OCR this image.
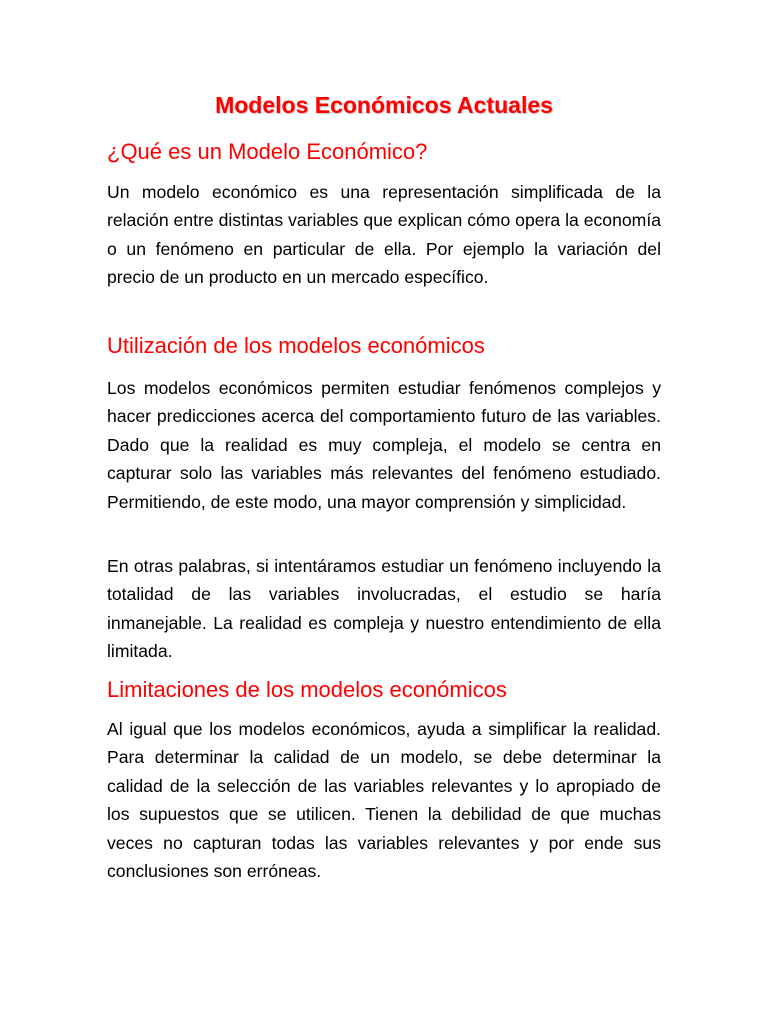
Modelos Económicos Actuales
¿Qué es un Modelo Económico?

Un modelo económico es una representación simplificada de la relación entre distintas variables que explican cómo opera la economía o un fenómeno en particular de ella. Por ejemplo la variación del precio de un producto en un mercado específico.

Utilización de los modelos económicos

Los modelos económicos permiten estudiar fenómenos complejos y hacer predicciones acerca del comportamiento futuro de las variables. Dado que la realidad es muy compleja, el modelo se centra en capturar solo las variables más relevantes del fenómeno estudiado. Permitiendo, de este modo, una mayor comprensión y simplicidad.

En otras palabras, si intentáramos estudiar un fenómeno incluyendo la totalidad de las variables involucradas, el estudio se haría inmanejable. La realidad es compleja y nuestro entendimiento de ella limitada.

Limitaciones de los modelos económicos

Al igual que los modelos económicos, ayuda a simplificar la realidad. Para determinar la calidad de un modelo, se debe determinar la calidad de la selección de las variables relevantes y lo apropiado de los supuestos que se utilicen. Tienen la debilidad de que muchas veces no capturan todas las variables relevantes y por ende sus conclusiones son erróneas.
